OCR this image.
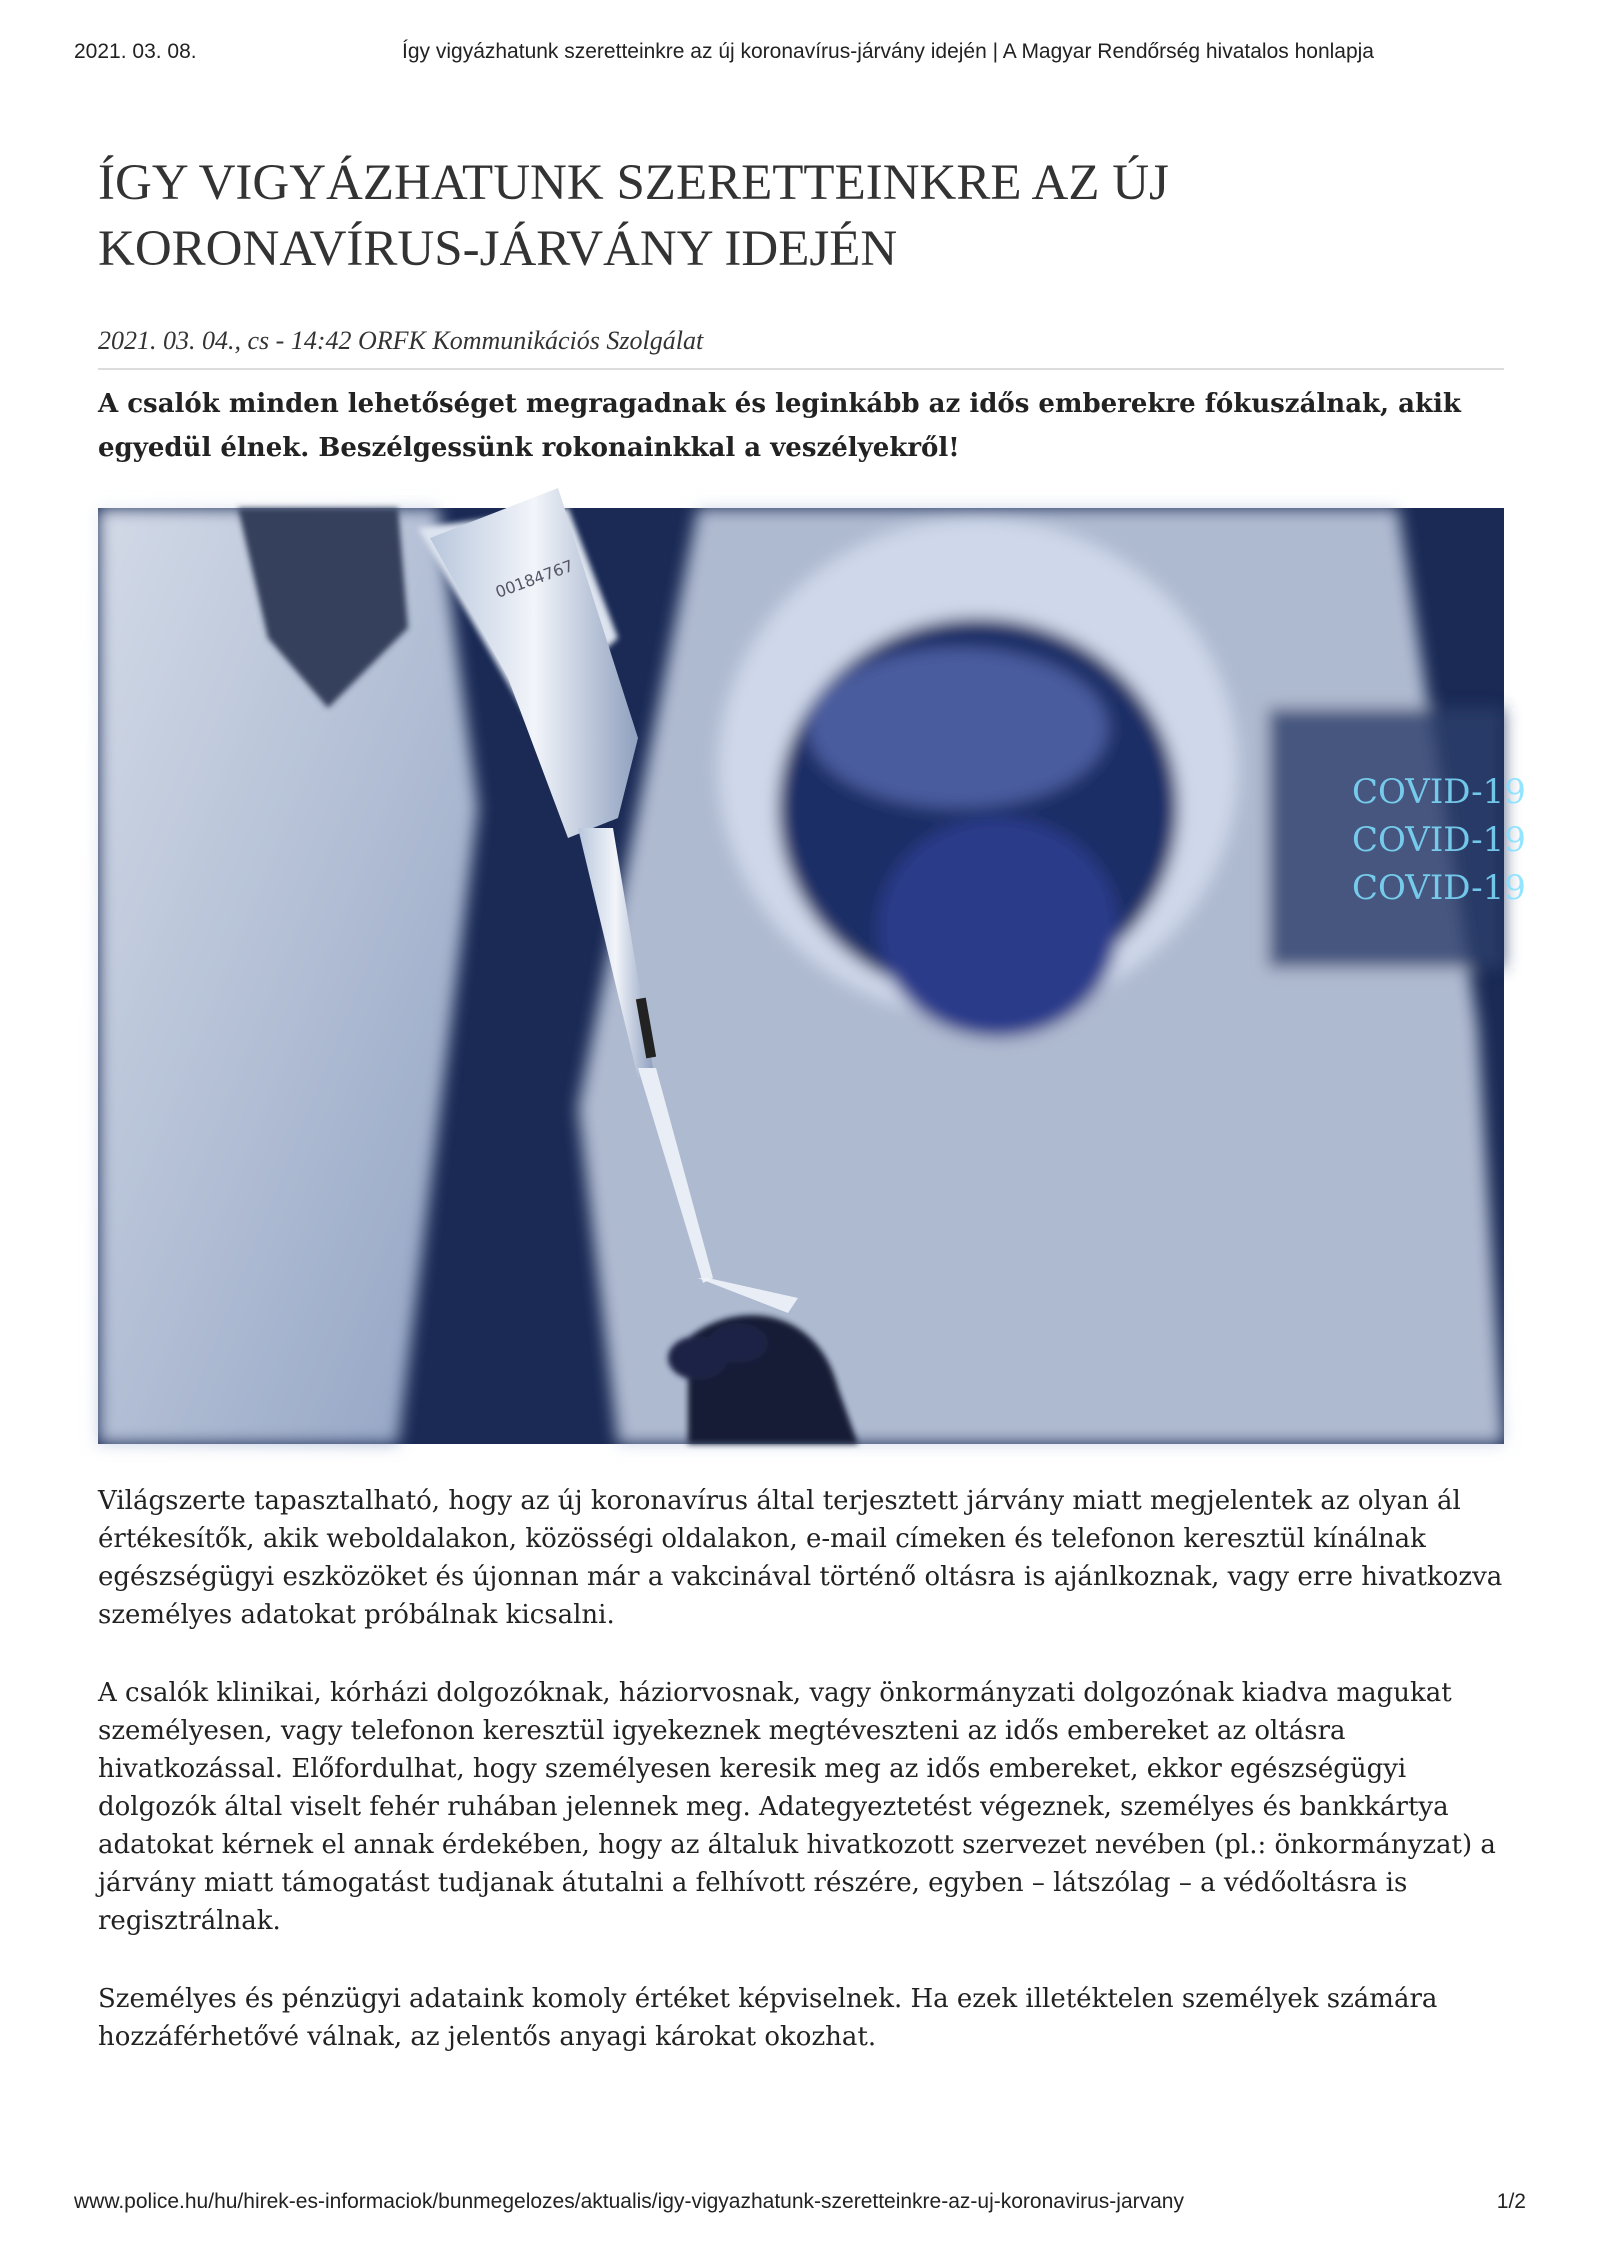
2021. 03. 08.	Így vigyázhatunk szeretteinkre az új koronavírus-járvány idején | A Magyar Rendőrség hivatalos honlapja
ÍGY VIGYÁZHATUNK SZERETTEINKRE AZ ÚJ KORONAVÍRUS-JÁRVÁNY IDEJÉN
2021. 03. 04., cs - 14:42 ORFK Kommunikációs Szolgálat

A csalók minden lehetőséget megragadnak és leginkább az idős emberekre fókuszálnak, akik egyedül élnek. Beszélgessünk rokonainkkal a veszélyekről!

00184767
COVID-19
COVID-19
COVID-19

Világszerte tapasztalható, hogy az új koronavírus által terjesztett járvány miatt megjelentek az olyan ál értékesítők, akik weboldalakon, közösségi oldalakon, e-mail címeken és telefonon keresztül kínálnak egészségügyi eszközöket és újonnan már a vakcinával történő oltásra is ajánlkoznak, vagy erre hivatkozva személyes adatokat próbálnak kicsalni.

A csalók klinikai, kórházi dolgozóknak, háziorvosnak, vagy önkormányzati dolgozónak kiadva magukat személyesen, vagy telefonon keresztül igyekeznek megtéveszteni az idős embereket az oltásra hivatkozással. Előfordulhat, hogy személyesen keresik meg az idős embereket, ekkor egészségügyi dolgozók által viselt fehér ruhában jelennek meg. Adategyeztetést végeznek, személyes és bankkártya adatokat kérnek el annak érdekében, hogy az általuk hivatkozott szervezet nevében (pl.: önkormányzat) a járvány miatt támogatást tudjanak átutalni a felhívott részére, egyben – látszólag – a védőoltásra is regisztrálnak.

Személyes és pénzügyi adataink komoly értéket képviselnek. Ha ezek illetéktelen személyek számára hozzáférhetővé válnak, az jelentős anyagi károkat okozhat.

www.police.hu/hu/hirek-es-informaciok/bunmegelozes/aktualis/igy-vigyazhatunk-szeretteinkre-az-uj-koronavirus-jarvany	1/2
